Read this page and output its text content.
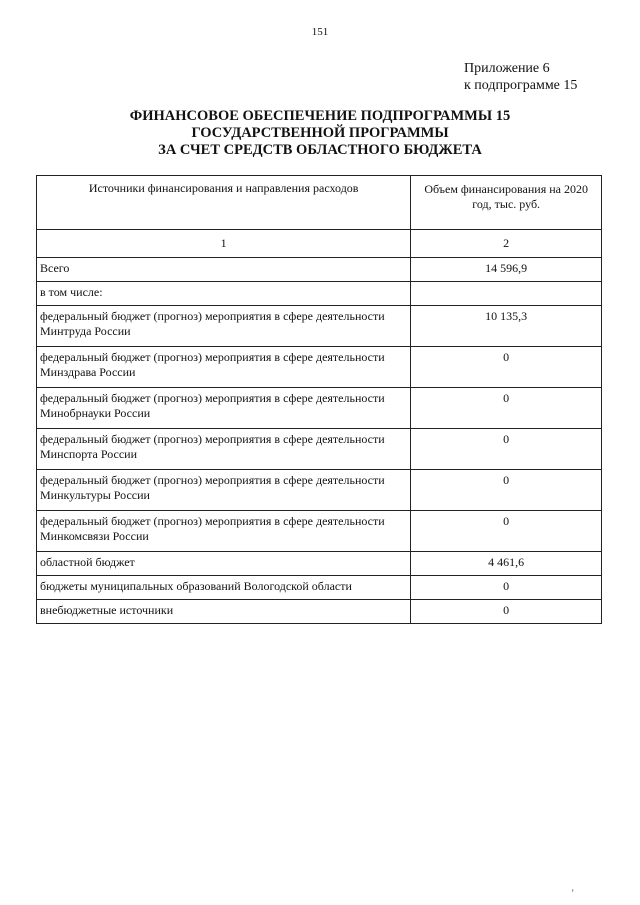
151
Приложение 6
к подпрограмме 15
ФИНАНСОВОЕ ОБЕСПЕЧЕНИЕ ПОДПРОГРАММЫ 15
ГОСУДАРСТВЕННОЙ ПРОГРАММЫ
ЗА СЧЕТ СРЕДСТВ ОБЛАСТНОГО БЮДЖЕТА
Источники финансирования и направления расходов	Объем финансирования на 2020 год, тыс. руб.
1	2
Всего	14 596,9
в том числе:	
федеральный бюджет (прогноз) мероприятия в сфере деятельности Минтруда России	10 135,3
федеральный бюджет (прогноз) мероприятия в сфере деятельности Минздрава России	0
федеральный бюджет (прогноз) мероприятия в сфере деятельности Минобрнауки России	0
федеральный бюджет (прогноз) мероприятия в сфере деятельности Минспорта России	0
федеральный бюджет (прогноз) мероприятия в сфере деятельности Минкультуры России	0
федеральный бюджет (прогноз) мероприятия в сфере деятельности Минкомсвязи России	0
областной бюджет	4 461,6
бюджеты муниципальных образований Вологодской области	0
внебюджетные источники	0
'
